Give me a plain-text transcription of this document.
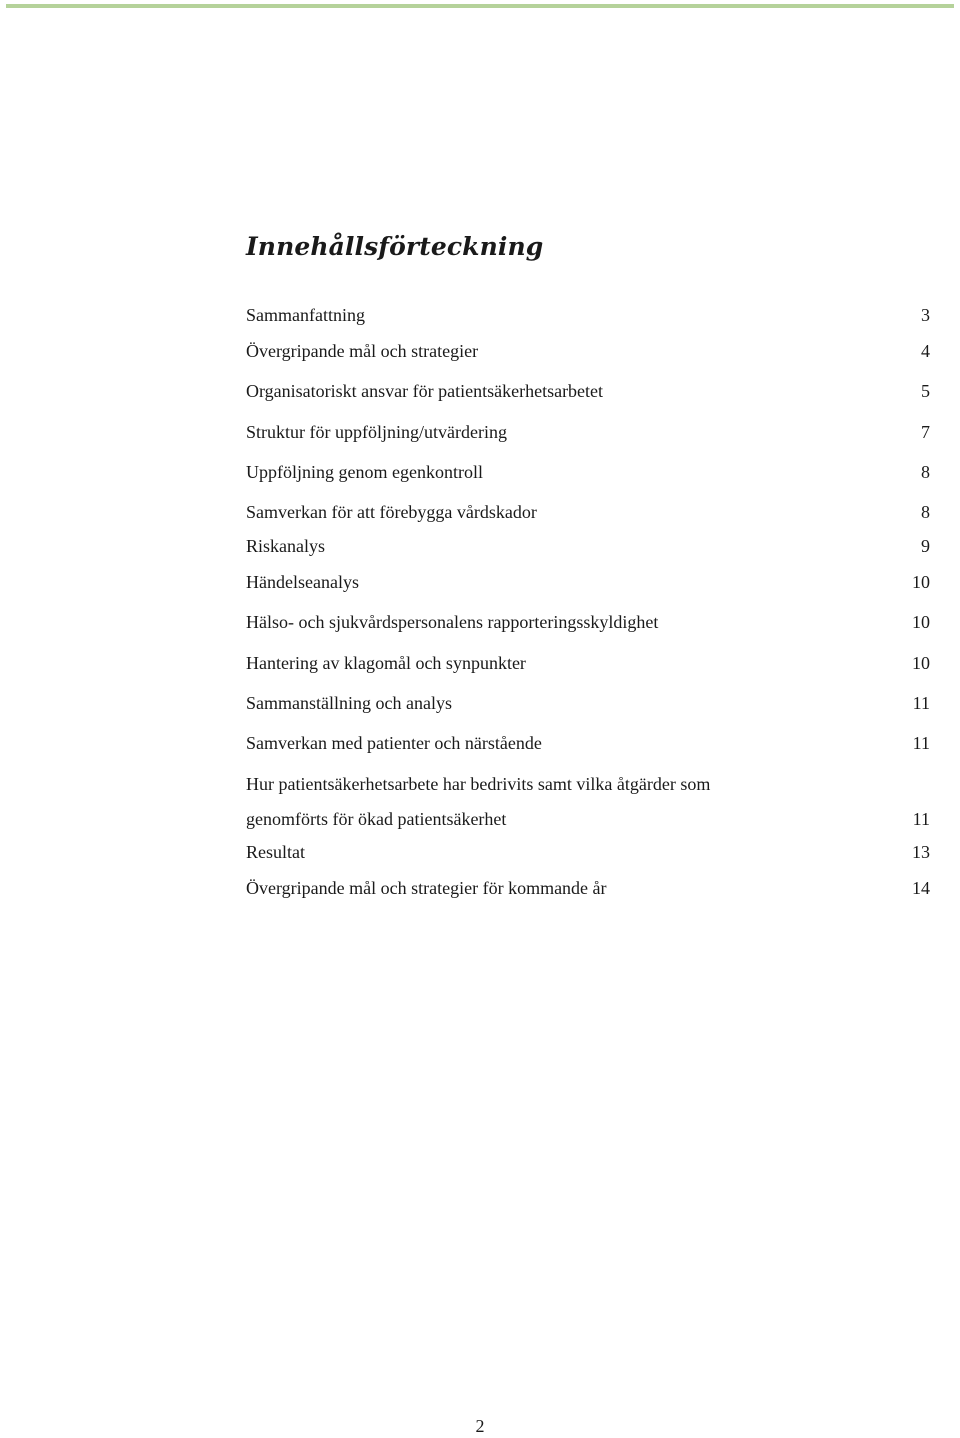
Innehållsförteckning
Sammanfattning	3
Övergripande mål och strategier	4
Organisatoriskt ansvar för patientsäkerhetsarbetet	5
Struktur för uppföljning/utvärdering	7
Uppföljning genom egenkontroll	8
Samverkan för att förebygga vårdskador	8
Riskanalys	9
Händelseanalys	10
Hälso- och sjukvårdspersonalens rapporteringsskyldighet	10
Hantering av klagomål och synpunkter	10
Sammanställning och analys	11
Samverkan med patienter och närstående	11
Hur patientsäkerhetsarbete har bedrivits samt vilka åtgärder som
genomförts för ökad patientsäkerhet	11
Resultat	13
Övergripande mål och strategier för kommande år	14
2
